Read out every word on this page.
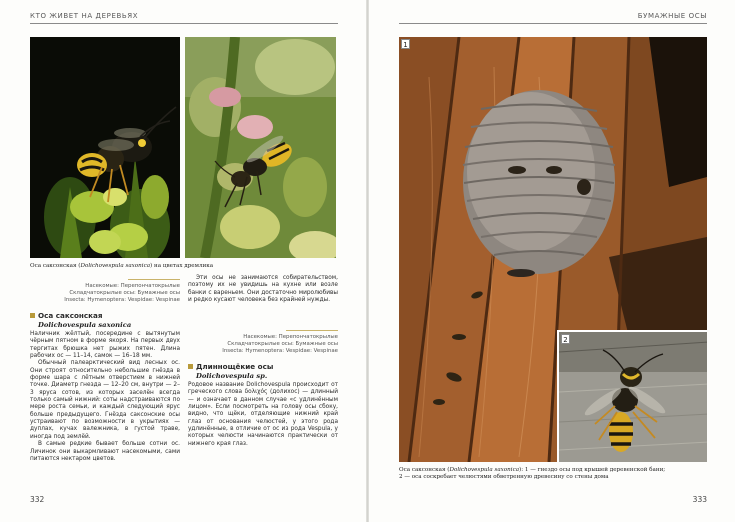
КТО ЖИВЕТ НА ДЕРЕВЬЯХ
Оса саксонская (Dolichovespula saxonica) на цветах дремлика
Насекомые: Перепончатокрылые
Складчатокрылые осы: Бумажные осы
Insecta: Hymenoptera: Vespidae: Vespinae
Оса саксонская
Dolichovespula saxonica

Наличник жёлтый, посередине с вытянутым чёрным пятном в форме якоря. На первых двух тергитах брюшка нет рыжих пятен. Длина рабочих ос — 11–14, самок — 16–18 мм.

Обычный палеарктический вид лесных ос. Они строят относительно небольшие гнёзда в форме шара с лётным отверстием в нижней точке. Диаметр гнезда — 12–20 см, внутри — 2–3 яруса сотов, из которых заселён всегда только самый нижний: соты надстраиваются по мере роста семьи, и каждый следующий ярус больше предыдущего. Гнёзда саксонские осы устраивают по возможности в укрытиях — дуплах, кучах валежника, в густой траве, иногда под землёй.

В самые редкие бывает больше сотни ос. Личинок они выкармливают насекомыми, сами питаются нектаром цветов.

Эти осы не занимаются собирательством, поэтому их не увидишь на кухне или возле банки с вареньем. Они достаточно миролюбивы и редко кусают человека без крайней нужды.

Насекомые: Перепончатокрылые
Складчатокрылые осы: Бумажные осы
Insecta: Hymenoptera: Vespidae: Vespinae
Длиннощёкие осы
Dolichovespula sp.

Родовое название Dolichovespula происходит от греческого слова δολιχός (долихос) — длинный — и означает в данном случае «с удлинённым лицом». Если посмотреть на голову осы сбоку, видно, что щёки, отделяющие нижний край глаз от основания челюстей, у этого рода удлинённые, в отличие от ос из рода Vespula, у которых челюсти начинаются практически от нижнего края глаз.

332
БУМАЖНЫЕ ОСЫ
1
2
Оса саксонская (Dolichovespula saxonica): 1 — гнездо осы под крышей деревенской бани;
2 — оса соскребает челюстями обветренную древесину со стены дома
333
